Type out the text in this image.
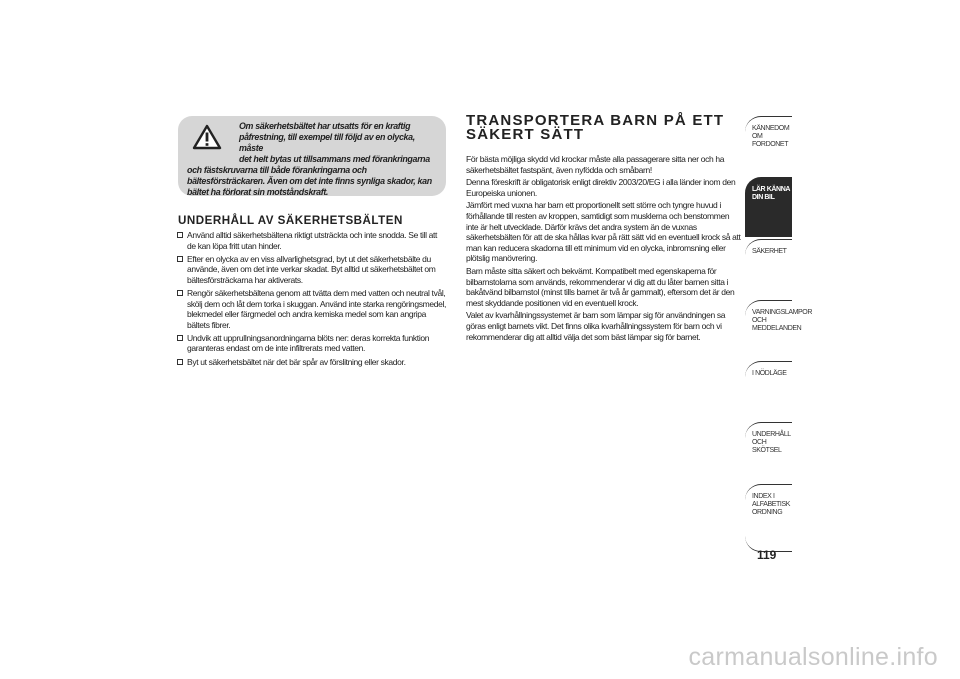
Om säkerhetsbältet har utsatts för en kraftig
påfrestning, till exempel till följd av en olycka, måste
det helt bytas ut tillsammans med förankringarna
och fästskruvarna till både förankringarna och
bältesförsträckaren. Även om det inte finns synliga skador, kan
bältet ha förlorat sin motståndskraft.
UNDERHÅLL AV SÄKERHETSBÄLTEN
Använd alltid säkerhetsbältena riktigt utsträckta och inte snodda. Se till att de kan löpa fritt utan hinder.
Efter en olycka av en viss allvarlighetsgrad, byt ut det säkerhetsbälte du använde, även om det inte verkar skadat. Byt alltid ut säkerhetsbältet om bältesförsträckarna har aktiverats.
Rengör säkerhetsbältena genom att tvätta dem med vatten och neutral tvål, skölj dem och låt dem torka i skuggan. Använd inte starka rengöringsmedel, blekmedel eller färgmedel och andra kemiska medel som kan angripa bältets fibrer.
Undvik att upprullningsanordningarna blöts ner: deras korrekta funktion garanteras endast om de inte infiltrerats med vatten.
Byt ut säkerhetsbältet när det bär spår av förslitning eller skador.
TRANSPORTERA BARN PÅ ETT SÄKERT SÄTT

För bästa möjliga skydd vid krockar måste alla passagerare sitta ner och ha säkerhetsbältet fastspänt, även nyfödda och småbarn!

Denna föreskrift är obligatorisk enligt direktiv 2003/20/EG i alla länder inom den Europeiska unionen.

Jämfört med vuxna har barn ett proportionellt sett större och tyngre huvud i förhållande till resten av kroppen, samtidigt som musklerna och benstommen inte är helt utvecklade. Därför krävs det andra system än de vuxnas säkerhetsbälten för att de ska hållas kvar på rätt sätt vid en eventuell krock så att man kan reducera skadorna till ett minimum vid en olycka, inbromsning eller plötslig manövrering.

Barn måste sitta säkert och bekvämt. Kompatibelt med egenskaperna för bilbarnstolarna som används, rekommenderar vi dig att du låter barnen sitta i bakåtvänd bilbarnstol (minst tills barnet är två år gammalt), eftersom det är den mest skyddande positionen vid en eventuell krock.

Valet av kvarhållningssystemet är barn som lämpar sig för användningen sa göras enligt barnets vikt. Det finns olika kvarhållningssystem för barn och vi rekommenderar dig att alltid välja det som bäst lämpar sig för barnet.

KÄNNEDOM OM FORDONET
LÄR KÄNNA DIN BIL
SÄKERHET
VARNINGSLAMPOR OCH MEDDELANDEN
I NÖDLÄGE
UNDERHÅLL OCH SKÖTSEL
INDEX I ALFABETISK ORDNING
119
carmanualsonline.info
